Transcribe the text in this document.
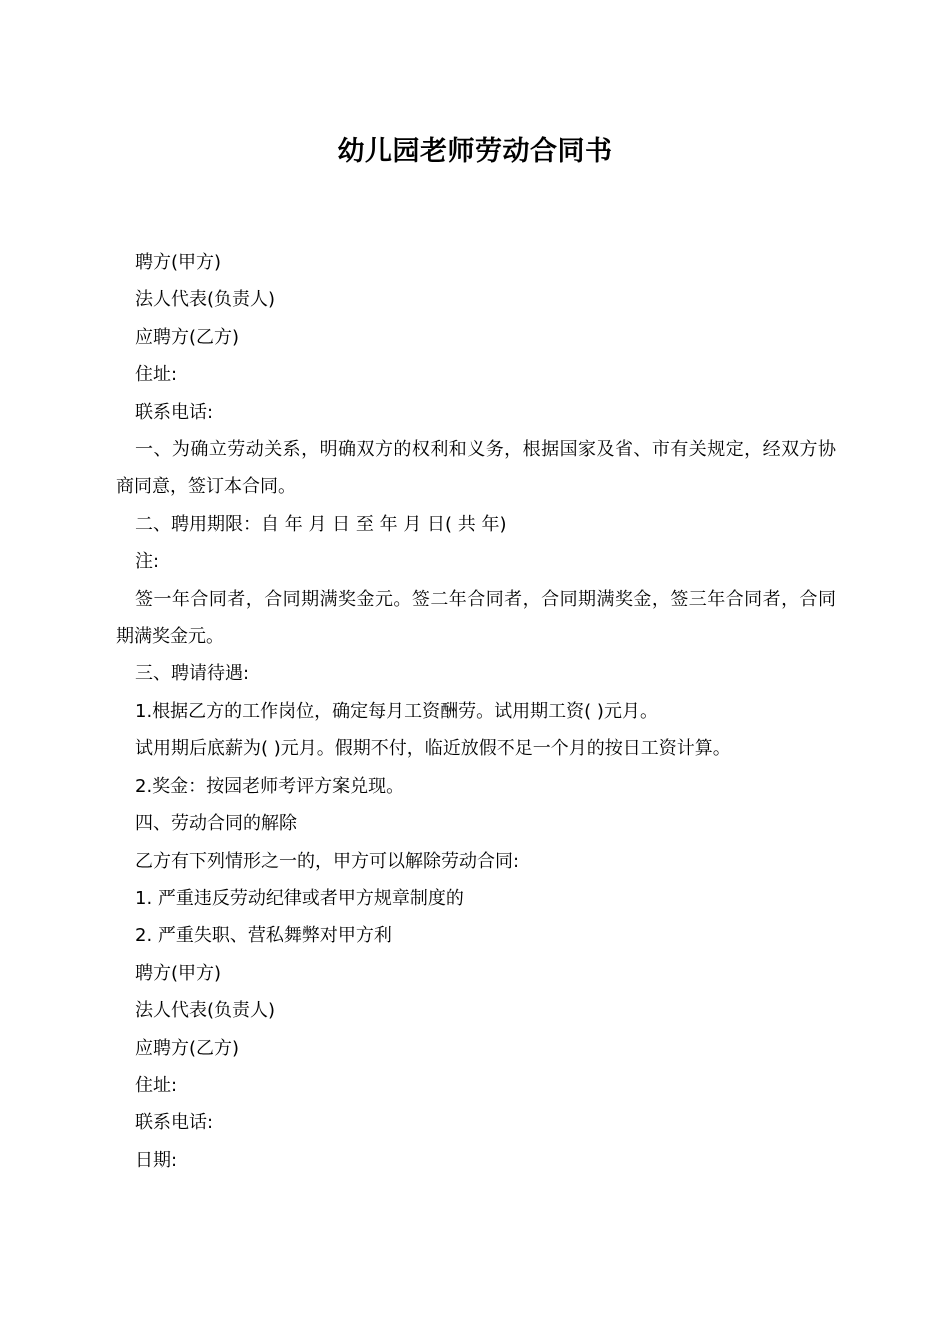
幼儿园老师劳动合同书

聘方(甲方)

法人代表(负责人)

应聘方(乙方)

住址:

联系电话:

一、为确立劳动关系，明确双方的权利和义务，根据国家及省、市有关规定，经双方协商同意，签订本合同。

二、聘用期限：自 年 月 日 至 年 月 日( 共 年)

注:

签一年合同者，合同期满奖金元。签二年合同者，合同期满奖金，签三年合同者，合同期满奖金元。

三、聘请待遇:

1.根据乙方的工作岗位，确定每月工资酬劳。试用期工资( )元月。

试用期后底薪为( )元月。假期不付，临近放假不足一个月的按日工资计算。

2.奖金：按园老师考评方案兑现。

四、劳动合同的解除

乙方有下列情形之一的，甲方可以解除劳动合同:

1. 严重违反劳动纪律或者甲方规章制度的

2. 严重失职、营私舞弊对甲方利

聘方(甲方)

法人代表(负责人)

应聘方(乙方)

住址:

联系电话:

日期:
